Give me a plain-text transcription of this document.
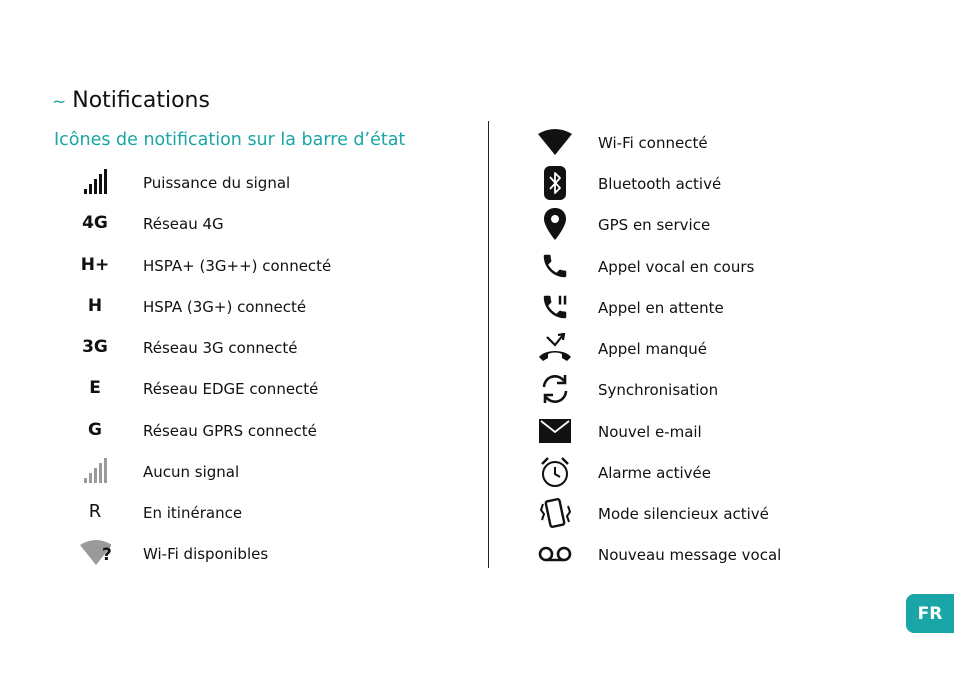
~ Notifications
Icônes de notification sur la barre d’état
Puissance du signal
4G	Réseau 4G
H+ HSPA+ (3G++) connecté
H	HSPA (3G+) connecté
3G	Réseau 3G connecté
E	Réseau EDGE connecté
G	Réseau GPRS connecté
Aucun signal
R	En itinérance
? Wi-Fi disponibles
Wi-Fi connecté
Bluetooth activé
GPS en service
Appel vocal en cours
Appel en attente
Appel manqué
Synchronisation
Nouvel e-mail
Alarme activée
Mode silencieux activé
Nouveau message vocal
FR
